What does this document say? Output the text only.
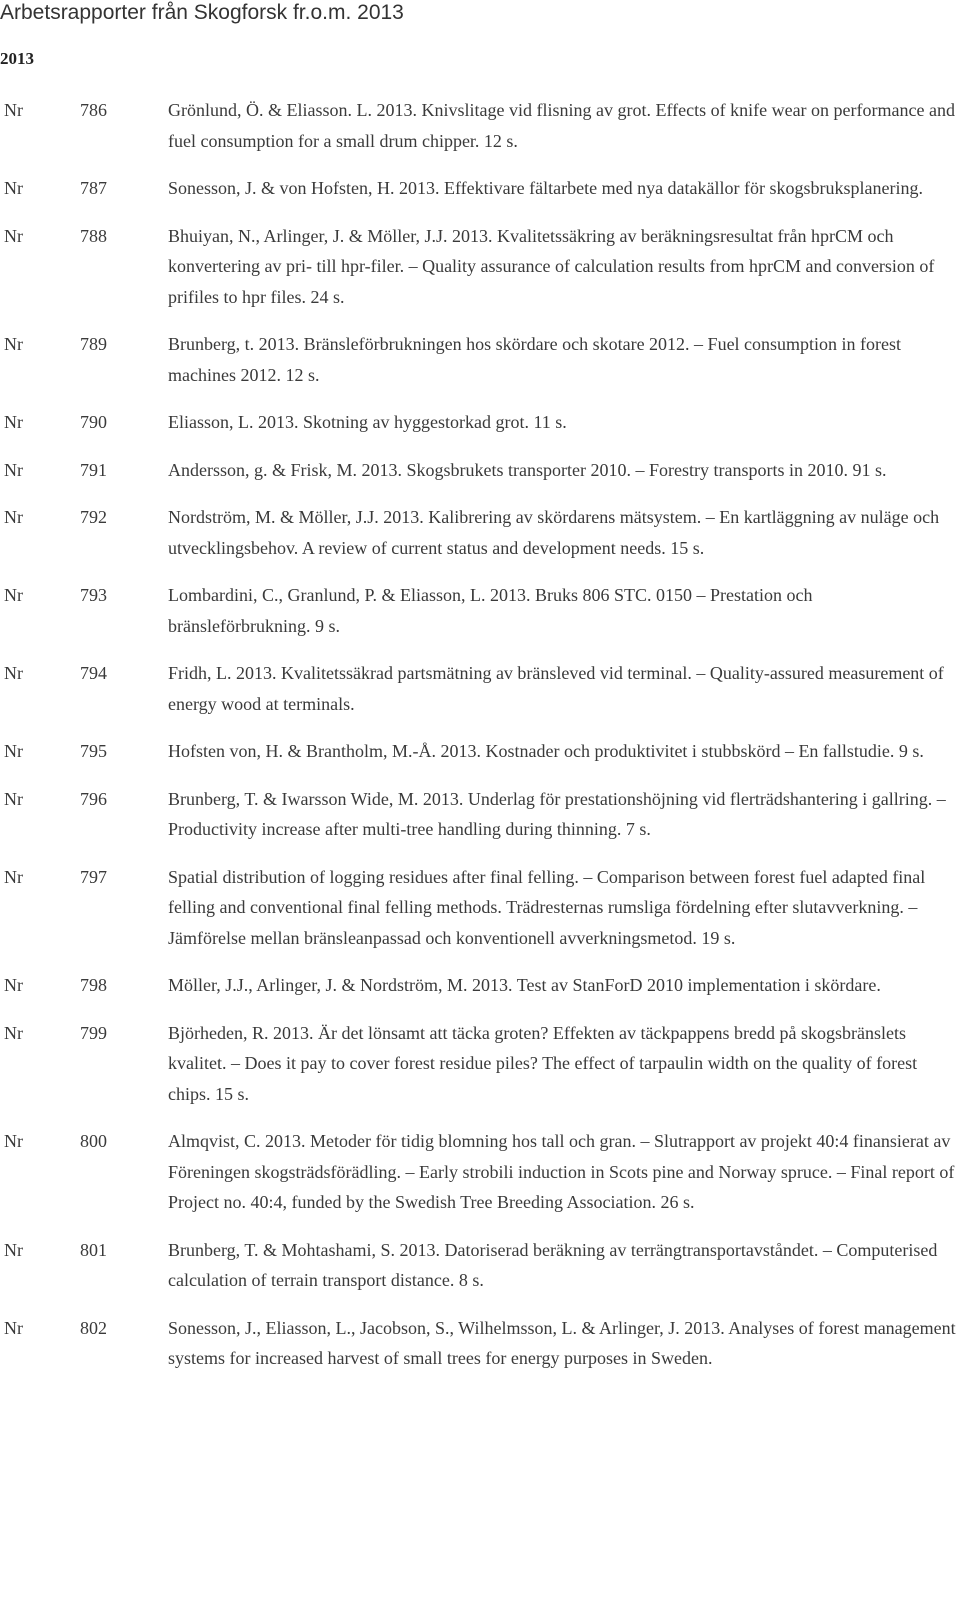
Arbetsrapporter från Skogforsk fr.o.m. 2013
2013
Nr	786	Grönlund, Ö. & Eliasson. L. 2013. Knivslitage vid flisning av grot. Effects of knife wear on performance and fuel consumption for a small drum chipper. 12 s.
Nr	787	Sonesson, J. & von Hofsten, H. 2013. Effektivare fältarbete med nya datakällor för skogsbruksplanering.
Nr	788	Bhuiyan, N., Arlinger, J. & Möller, J.J. 2013. Kvalitetssäkring av beräkningsresultat från hprCM och konvertering av pri- till hpr-filer. – Quality assurance of calculation results from hprCM and conversion of prifiles to hpr files. 24 s.
Nr	789	Brunberg, t. 2013. Bränsleförbrukningen hos skördare och skotare 2012. – Fuel consumption in forest machines 2012. 12 s.
Nr	790	Eliasson, L. 2013. Skotning av hyggestorkad grot. 11 s.
Nr	791	Andersson, g. & Frisk, M. 2013. Skogsbrukets transporter 2010. – Forestry transports in 2010. 91 s.
Nr	792	Nordström, M. & Möller, J.J. 2013. Kalibrering av skördarens mätsystem. – En kartläggning av nuläge och utvecklingsbehov. A review of current status and development needs. 15 s.
Nr	793	Lombardini, C., Granlund, P. & Eliasson, L. 2013. Bruks 806 STC. 0150 – Prestation och bränsleförbrukning. 9 s.
Nr	794	Fridh, L. 2013. Kvalitetssäkrad partsmätning av bränsleved vid terminal. – Quality-assured measurement of energy wood at terminals.
Nr	795	Hofsten von, H. & Brantholm, M.-Å. 2013. Kostnader och produktivitet i stubbskörd – En fallstudie. 9 s.
Nr	796	Brunberg, T. & Iwarsson Wide, M. 2013. Underlag för prestationshöjning vid flerträdshantering i gallring. – Productivity increase after multi-tree handling during thinning. 7 s.
Nr	797	Spatial distribution of logging residues after final felling. – Comparison between forest fuel adapted final felling and conventional final felling methods. Trädresternas rumsliga fördelning efter slutavverkning. – Jämförelse mellan bränsleanpassad och konventionell avverkningsmetod. 19 s.
Nr	798	Möller, J.J., Arlinger, J. & Nordström, M. 2013. Test av StanForD 2010 implementation i skördare.
Nr	799	Björheden, R. 2013. Är det lönsamt att täcka groten? Effekten av täckpappens bredd på skogsbränslets kvalitet. – Does it pay to cover forest residue piles? The effect of tarpaulin width on the quality of forest chips. 15 s.
Nr	800	Almqvist, C. 2013. Metoder för tidig blomning hos tall och gran. – Slutrapport av projekt 40:4 finansierat av Föreningen skogsträdsförädling. – Early strobili induction in Scots pine and Norway spruce. – Final report of Project no. 40:4, funded by the Swedish Tree Breeding Association. 26 s.
Nr	801	Brunberg, T. & Mohtashami, S. 2013. Datoriserad beräkning av terrängtransportavståndet. – Computerised calculation of terrain transport distance. 8 s.
Nr	802	Sonesson, J., Eliasson, L., Jacobson, S., Wilhelmsson, L. & Arlinger, J. 2013. Analyses of forest management systems for increased harvest of small trees for energy purposes in Sweden.
